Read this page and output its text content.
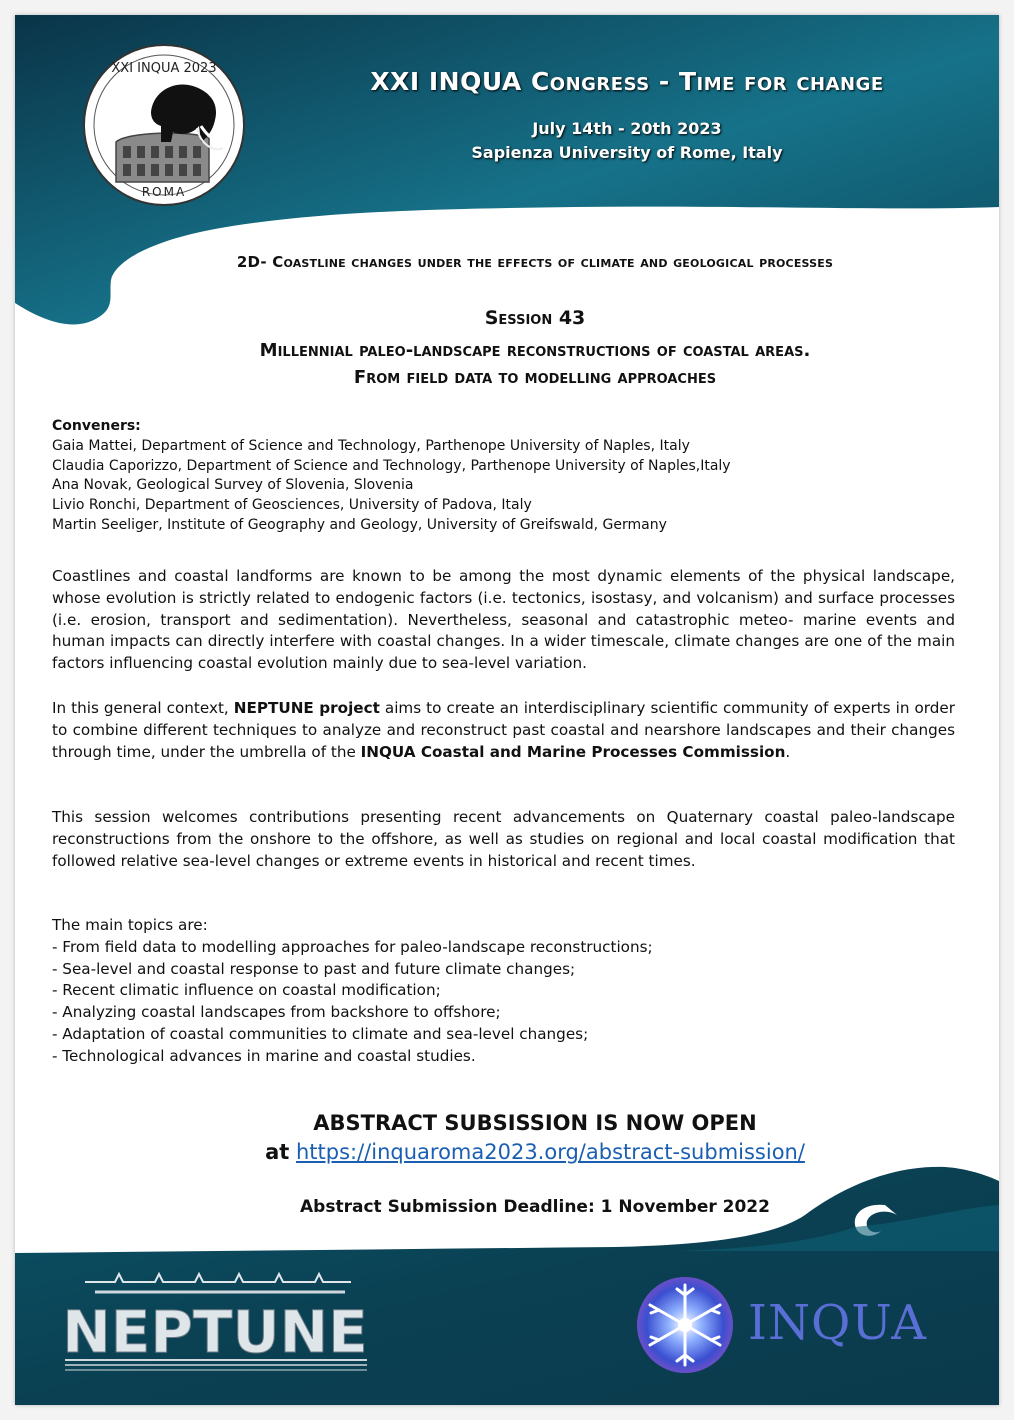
XXI INQUA 2023
ROMA
XXI INQUA Congress - Time for change
July 14th - 20th 2023
Sapienza University of Rome, Italy
2D- Coastline changes under the effects of climate and geological processes
Session 43
Millennial paleo-landscape reconstructions of coastal areas.
From field data to modelling approaches
Conveners:
Gaia Mattei, Department of Science and Technology, Parthenope University of Naples, Italy
Claudia Caporizzo, Department of Science and Technology, Parthenope University of Naples,Italy
Ana Novak, Geological Survey of Slovenia, Slovenia
Livio Ronchi, Department of Geosciences, University of Padova, Italy
Martin Seeliger, Institute of Geography and Geology, University of Greifswald, Germany
Coastlines and coastal landforms are known to be among the most dynamic elements of the physical landscape, whose evolution is strictly related to endogenic factors (i.e. tectonics, isostasy, and volcanism) and surface processes (i.e. erosion, transport and sedimentation). Nevertheless, seasonal and catastrophic meteo- marine events and human impacts can directly interfere with coastal changes. In a wider timescale, climate changes are one of the main factors influencing coastal evolution mainly due to sea-level variation.
In this general context, NEPTUNE project aims to create an interdisciplinary scientific community of experts in order to combine different techniques to analyze and reconstruct past coastal and nearshore landscapes and their changes through time, under the umbrella of the INQUA Coastal and Marine Processes Commission.
This session welcomes contributions presenting recent advancements on Quaternary coastal paleo-landscape reconstructions from the onshore to the offshore, as well as studies on regional and local coastal modification that followed relative sea-level changes or extreme events in historical and recent times.
The main topics are:
- From field data to modelling approaches for paleo-landscape reconstructions;
- Sea-level and coastal response to past and future climate changes;
- Recent climatic influence on coastal modification;
- Analyzing coastal landscapes from backshore to offshore;
- Adaptation of coastal communities to climate and sea-level changes;
- Technological advances in marine and coastal studies.
ABSTRACT SUBSISSION IS NOW OPEN
at https://inquaroma2023.org/abstract-submission/
Abstract Submission Deadline: 1 November 2022
NEPTUNE	INQUA
